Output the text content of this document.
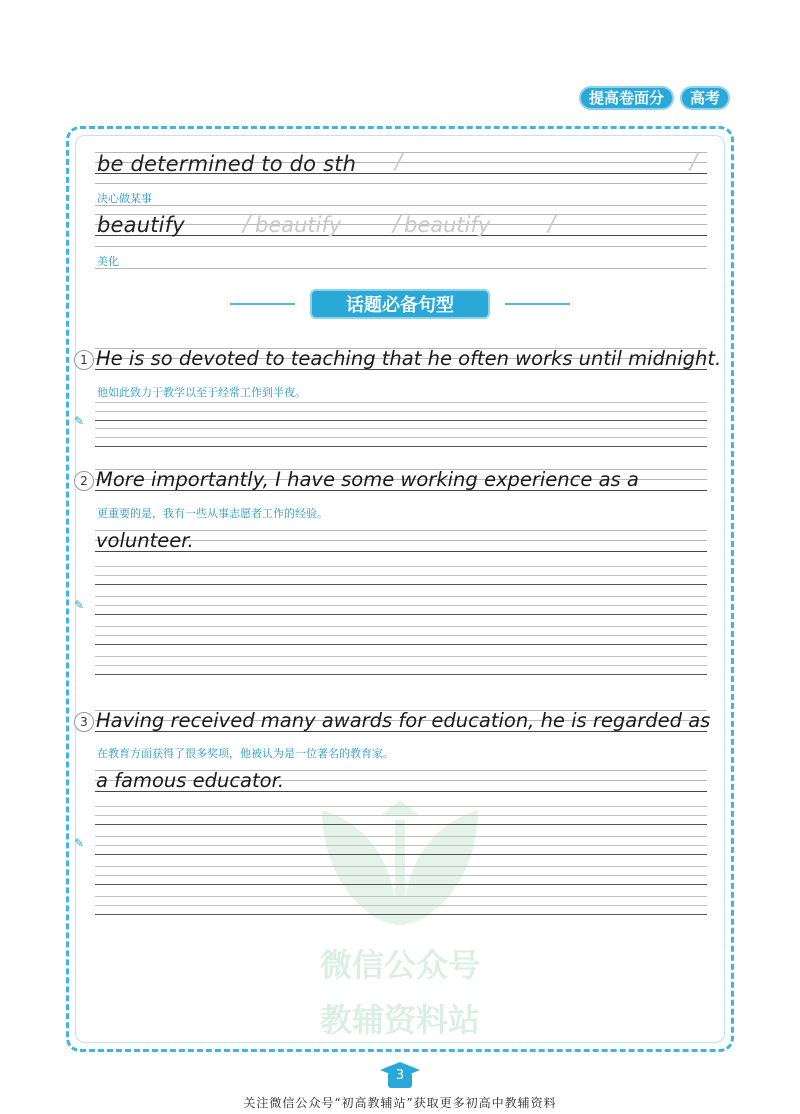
提高卷面分	高考
be determined to do sth /	/
决心做某事
beautify	/ beautify / beautify	/
美化
话题必备句型
1 He is so devoted to teaching that he often works until midnight.
他如此致力于教学以至于经常工作到半夜。
✎
2 More importantly, I have some working experience as a
更重要的是，我有一些从事志愿者工作的经验。
volunteer.
✎
3 Having received many awards for education, he is regarded as
在教育方面获得了很多奖项，他被认为是一位著名的教育家。
a famous educator.
✎
微信公众号
教辅资料站
3
关注微信公众号“初高教辅站”获取更多初高中教辅资料
